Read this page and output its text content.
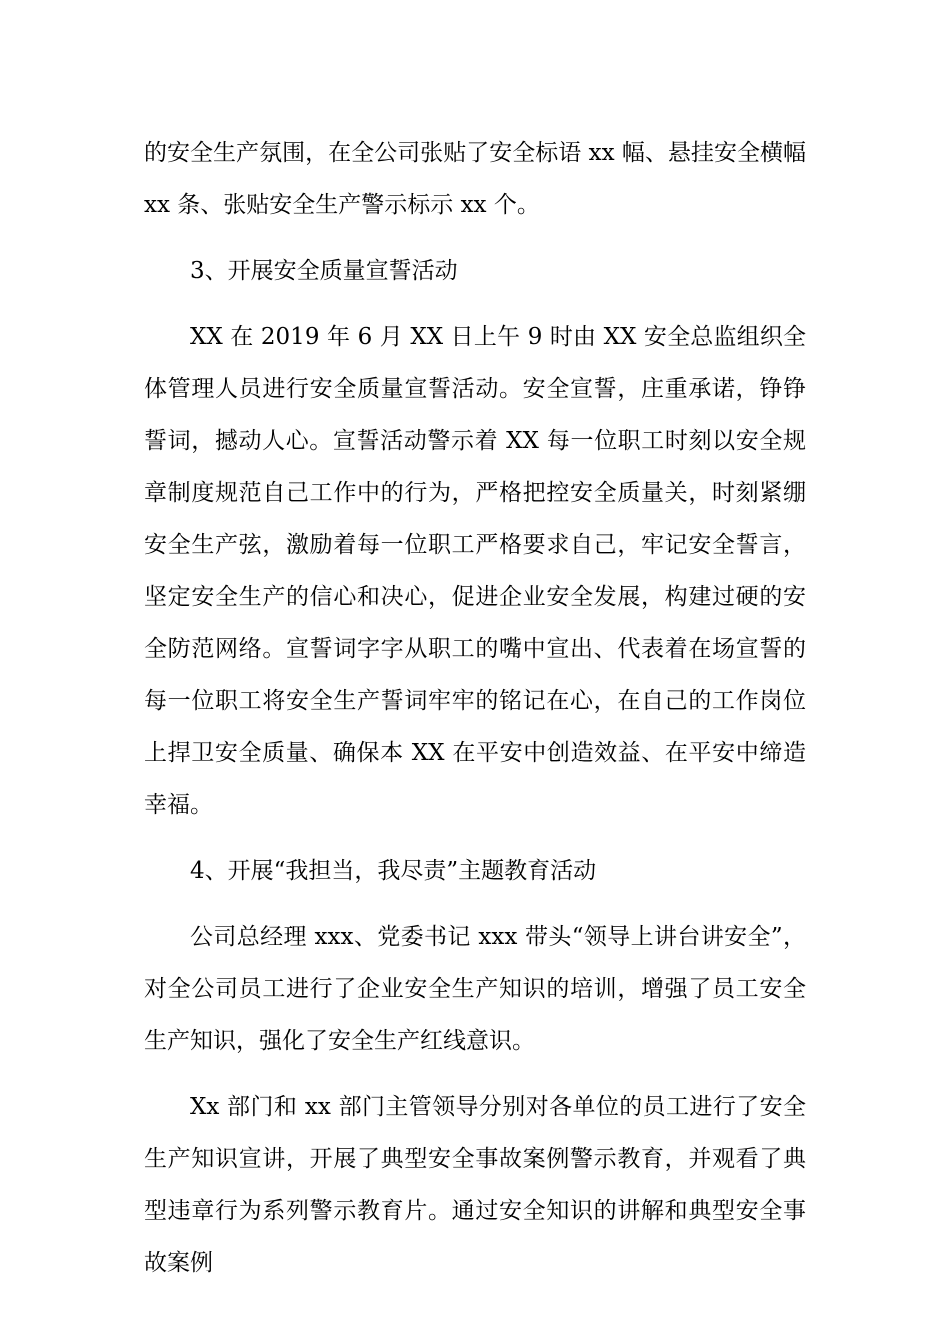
的安全生产氛围，在全公司张贴了安全标语 xx 幅、悬挂安全横幅 xx 条、张贴安全生产警示标示 xx 个。

3、开展安全质量宣誓活动

XX 在 2019 年 6 月 XX 日上午 9 时由 XX 安全总监组织全体管理人员进行安全质量宣誓活动。安全宣誓，庄重承诺，铮铮誓词，撼动人心。宣誓活动警示着 XX 每一位职工时刻以安全规章制度规范自己工作中的行为，严格把控安全质量关，时刻紧绷安全生产弦，激励着每一位职工严格要求自己，牢记安全誓言，坚定安全生产的信心和决心，促进企业安全发展，构建过硬的安全防范网络。宣誓词字字从职工的嘴中宣出、代表着在场宣誓的每一位职工将安全生产誓词牢牢的铭记在心，在自己的工作岗位上捍卫安全质量、确保本 XX 在平安中创造效益、在平安中缔造幸福。

4、开展“我担当，我尽责”主题教育活动

公司总经理 xxx、党委书记 xxx 带头“领导上讲台讲安全”，对全公司员工进行了企业安全生产知识的培训，增强了员工安全生产知识，强化了安全生产红线意识。

Xx 部门和 xx 部门主管领导分别对各单位的员工进行了安全生产知识宣讲，开展了典型安全事故案例警示教育，并观看了典型违章行为系列警示教育片。通过安全知识的讲解和典型安全事故案例
